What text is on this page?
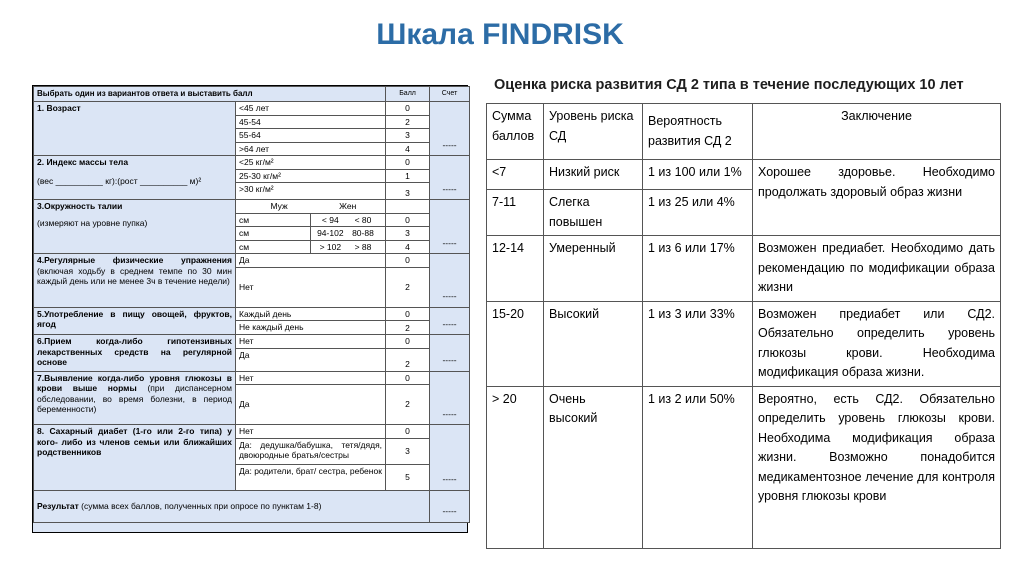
Шкала FINDRISK
Выбрать один из вариантов ответа и выставить балл			Балл	Счет
1. Возраст	<45 лет		0	-----
	45-54		2	
	55-64		3	
	>64 лет		4	
2. Индекс массы тела
(вес __________ кг):(рост __________ м)²	<25 кг/м²		0	-----
	25-30 кг/м²		1	
	>30 кг/м²		3	
3.Окружность талии
(измеряют на уровне пупка)	Муж Жен			-----
	см	< 94 < 80	0	
	см	94-102 80-88	3	
	см	> 102 > 88	4	
4.Регулярные физические упражнения (включая ходьбу в среднем темпе по 30 мин каждый день или не менее 3ч в течение недели)	Да		0	-----
	Нет		2	
5.Употребление в пищу овощей, фруктов, ягод	Каждый день		0	-----
	Не каждый день		2	
6.Прием когда-либо гипотензивных лекарственных средств на регулярной основе	Нет		0	-----
	Да		2	
7.Выявление когда-либо уровня глюкозы в крови выше нормы (при диспансерном обследовании, во время болезни, в период беременности)	Нет		0	-----
	Да		2	
8. Сахарный диабет (1-го или 2-го типа) у кого- либо из членов семьи или ближайших родственников	Нет		0	-----
	Да: дедушка/бабушка, тетя/дядя, двоюродные братья/сестры		3	
	Да: родители, брат/ сестра, ребенок		5	
Результат (сумма всех баллов, полученных при опросе по пунктам 1-8)				-----
Оценка риска развития СД 2 типа в течение последующих 10 лет
Сумма баллов	Уровень риска СД	Вероятность развития СД 2	Заключение
<7	Низкий риск	1 из 100 или 1%	Хорошее здоровье. Необходимо продолжать здоровый образ жизни
7-11	Слегка повышен	1 из 25 или 4%	
12-14	Умеренный	1 из 6 или 17%	Возможен предиабет. Необходимо дать рекомендацию по модификации образа жизни
15-20	Высокий	1 из 3 или 33%	Возможен предиабет или СД2. Обязательно определить уровень глюкозы крови. Необходима модификация образа жизни.
> 20	Очень высокий	1 из 2 или 50%	Вероятно, есть СД2. Обязательно определить уровень глюкозы крови. Необходима модификация образа жизни. Возможно понадобится медикаментозное лечение для контроля уровня глюкозы крови
